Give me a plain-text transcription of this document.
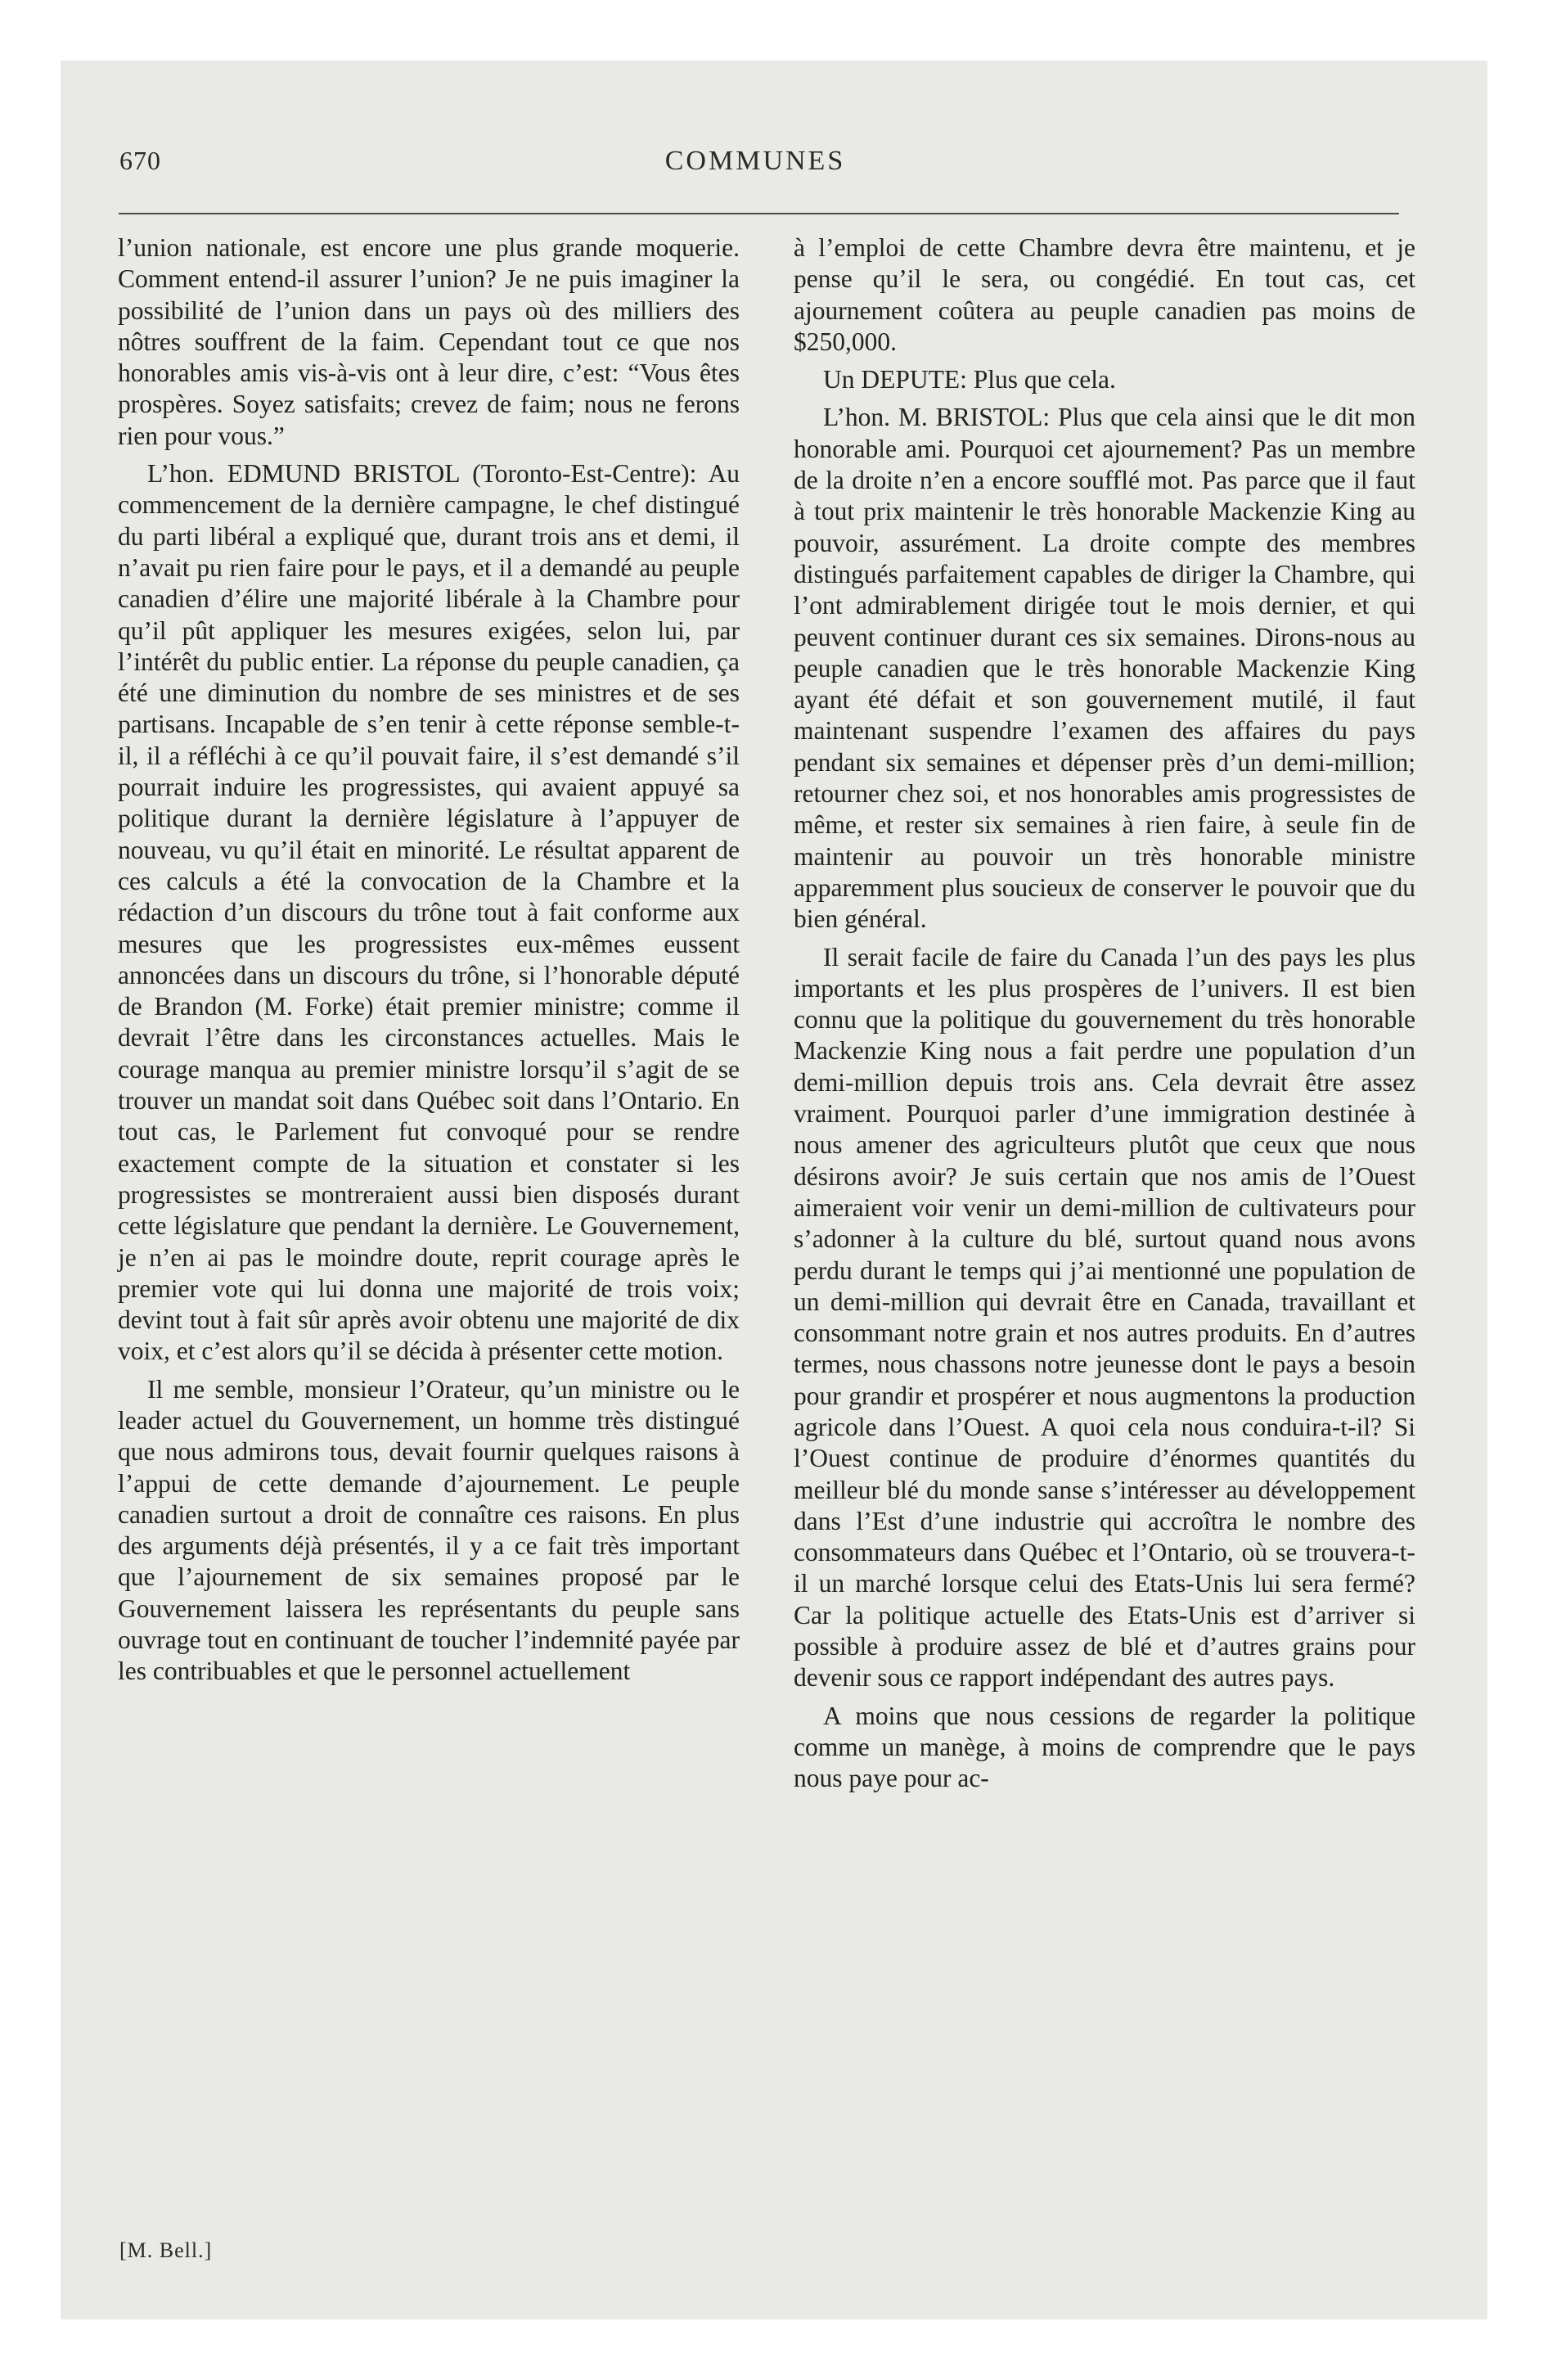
670	COMMUNES

l’union nationale, est encore une plus grande moquerie. Comment entend-il assurer l’union? Je ne puis imaginer la possibilité de l’union dans un pays où des milliers des nôtres souffrent de la faim. Cependant tout ce que nos honorables amis vis-à-vis ont à leur dire, c’est: “Vous êtes prospères. Soyez satisfaits; crevez de faim; nous ne ferons rien pour vous.”

L’hon. EDMUND BRISTOL (Toronto-Est-Centre): Au commencement de la dernière campagne, le chef distingué du parti libéral a expliqué que, durant trois ans et demi, il n’avait pu rien faire pour le pays, et il a demandé au peuple canadien d’élire une majorité libérale à la Chambre pour qu’il pût appliquer les mesures exigées, selon lui, par l’intérêt du public entier. La réponse du peuple canadien, ça été une diminution du nombre de ses ministres et de ses partisans. Incapable de s’en tenir à cette réponse semble-t-il, il a réfléchi à ce qu’il pouvait faire, il s’est demandé s’il pourrait induire les progressistes, qui avaient appuyé sa politique durant la dernière législature à l’appuyer de nouveau, vu qu’il était en minorité. Le résultat apparent de ces calculs a été la convocation de la Chambre et la rédaction d’un discours du trône tout à fait conforme aux mesures que les progressistes eux-mêmes eussent annoncées dans un discours du trône, si l’honorable député de Brandon (M. Forke) était premier ministre; comme il devrait l’être dans les circonstances actuelles. Mais le courage manqua au premier ministre lorsqu’il s’agit de se trouver un mandat soit dans Québec soit dans l’Ontario. En tout cas, le Parlement fut convoqué pour se rendre exactement compte de la situation et constater si les progressistes se montreraient aussi bien disposés durant cette législature que pendant la dernière. Le Gouvernement, je n’en ai pas le moindre doute, reprit courage après le premier vote qui lui donna une majorité de trois voix; devint tout à fait sûr après avoir obtenu une majorité de dix voix, et c’est alors qu’il se décida à présenter cette motion.

Il me semble, monsieur l’Orateur, qu’un ministre ou le leader actuel du Gouvernement, un homme très distingué que nous admirons tous, devait fournir quelques raisons à l’appui de cette demande d’ajournement. Le peuple canadien surtout a droit de connaître ces raisons. En plus des arguments déjà présentés, il y a ce fait très important que l’ajournement de six semaines proposé par le Gouvernement laissera les représentants du peuple sans ouvrage tout en continuant de toucher l’indemnité payée par les contribuables et que le personnel actuellement

à l’emploi de cette Chambre devra être maintenu, et je pense qu’il le sera, ou congédié. En tout cas, cet ajournement coûtera au peuple canadien pas moins de $250,000.

Un DEPUTE: Plus que cela.

L’hon. M. BRISTOL: Plus que cela ainsi que le dit mon honorable ami. Pourquoi cet ajournement? Pas un membre de la droite n’en a encore soufflé mot. Pas parce que il faut à tout prix maintenir le très honorable Mackenzie King au pouvoir, assurément. La droite compte des membres distingués parfaitement capables de diriger la Chambre, qui l’ont admirablement dirigée tout le mois dernier, et qui peuvent continuer durant ces six semaines. Dirons-nous au peuple canadien que le très honorable Mackenzie King ayant été défait et son gouvernement mutilé, il faut maintenant suspendre l’examen des affaires du pays pendant six semaines et dépenser près d’un demi-million; retourner chez soi, et nos honorables amis progressistes de même, et rester six semaines à rien faire, à seule fin de maintenir au pouvoir un très honorable ministre apparemment plus soucieux de conserver le pouvoir que du bien général.

Il serait facile de faire du Canada l’un des pays les plus importants et les plus prospères de l’univers. Il est bien connu que la politique du gouvernement du très honorable Mackenzie King nous a fait perdre une population d’un demi-million depuis trois ans. Cela devrait être assez vraiment. Pourquoi parler d’une immigration destinée à nous amener des agriculteurs plutôt que ceux que nous désirons avoir? Je suis certain que nos amis de l’Ouest aimeraient voir venir un demi-million de cultivateurs pour s’adonner à la culture du blé, surtout quand nous avons perdu durant le temps qui j’ai mentionné une population de un demi-million qui devrait être en Canada, travaillant et consommant notre grain et nos autres produits. En d’autres termes, nous chassons notre jeunesse dont le pays a besoin pour grandir et prospérer et nous augmentons la production agricole dans l’Ouest. A quoi cela nous conduira-t-il? Si l’Ouest continue de produire d’énormes quantités du meilleur blé du monde sanse s’intéresser au développement dans l’Est d’une industrie qui accroîtra le nombre des consommateurs dans Québec et l’Ontario, où se trouvera-t-il un marché lorsque celui des Etats-Unis lui sera fermé? Car la politique actuelle des Etats-Unis est d’arriver si possible à produire assez de blé et d’autres grains pour devenir sous ce rapport indépendant des autres pays.

A moins que nous cessions de regarder la politique comme un manège, à moins de comprendre que le pays nous paye pour ac-

[M. Bell.]
